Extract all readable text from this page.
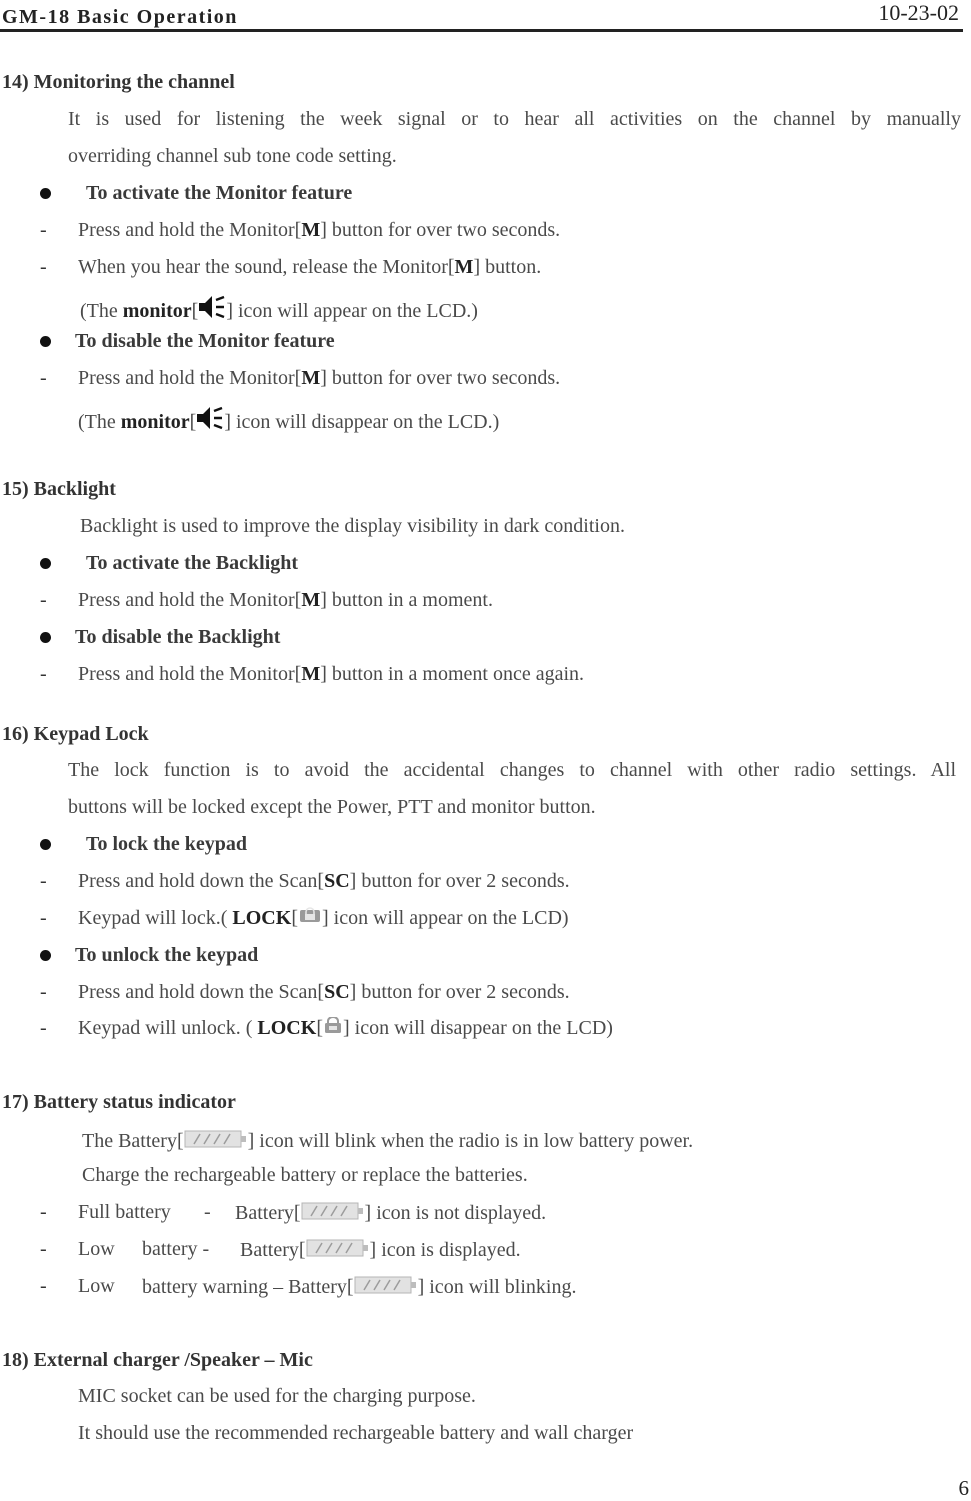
GM-18 Basic Operation	10-23-02
14) Monitoring the channel
It is used for listening the week signal or to hear all activities on the channel by manually
overriding channel sub tone code setting.
To activate the Monitor feature
- Press and hold the Monitor[M] button for over two seconds.
- When you hear the sound, release the Monitor[M] button.
(The monitor[ ] icon will appear on the LCD.)
To disable the Monitor feature
- Press and hold the Monitor[M] button for over two seconds.
(The monitor[ ] icon will disappear on the LCD.)
15) Backlight
Backlight is used to improve the display visibility in dark condition.
To activate the Backlight
- Press and hold the Monitor[M] button in a moment.
To disable the Backlight
- Press and hold the Monitor[M] button in a moment once again.
16) Keypad Lock
The lock function is to avoid the accidental changes to channel with other radio settings. All
buttons will be locked except the Power, PTT and monitor button.
To lock the keypad
- Press and hold down the Scan[SC] button for over 2 seconds.
- Keypad will lock.( LOCK[ ] icon will appear on the LCD)
To unlock the keypad
- Press and hold down the Scan[SC] button for over 2 seconds.
- Keypad will unlock. ( LOCK[ ] icon will disappear on the LCD)
17) Battery status indicator
The Battery[	] icon will blink when the radio is in low battery power.
Charge the rechargeable battery or replace the batteries.
- Full battery - Battery[	] icon is not displayed.
- Low battery - Battery[	] icon is displayed.
- Low battery warning – Battery[	] icon will blinking.
18) External charger /Speaker – Mic
MIC socket can be used for the charging purpose.
It should use the recommended rechargeable battery and wall charger
6
